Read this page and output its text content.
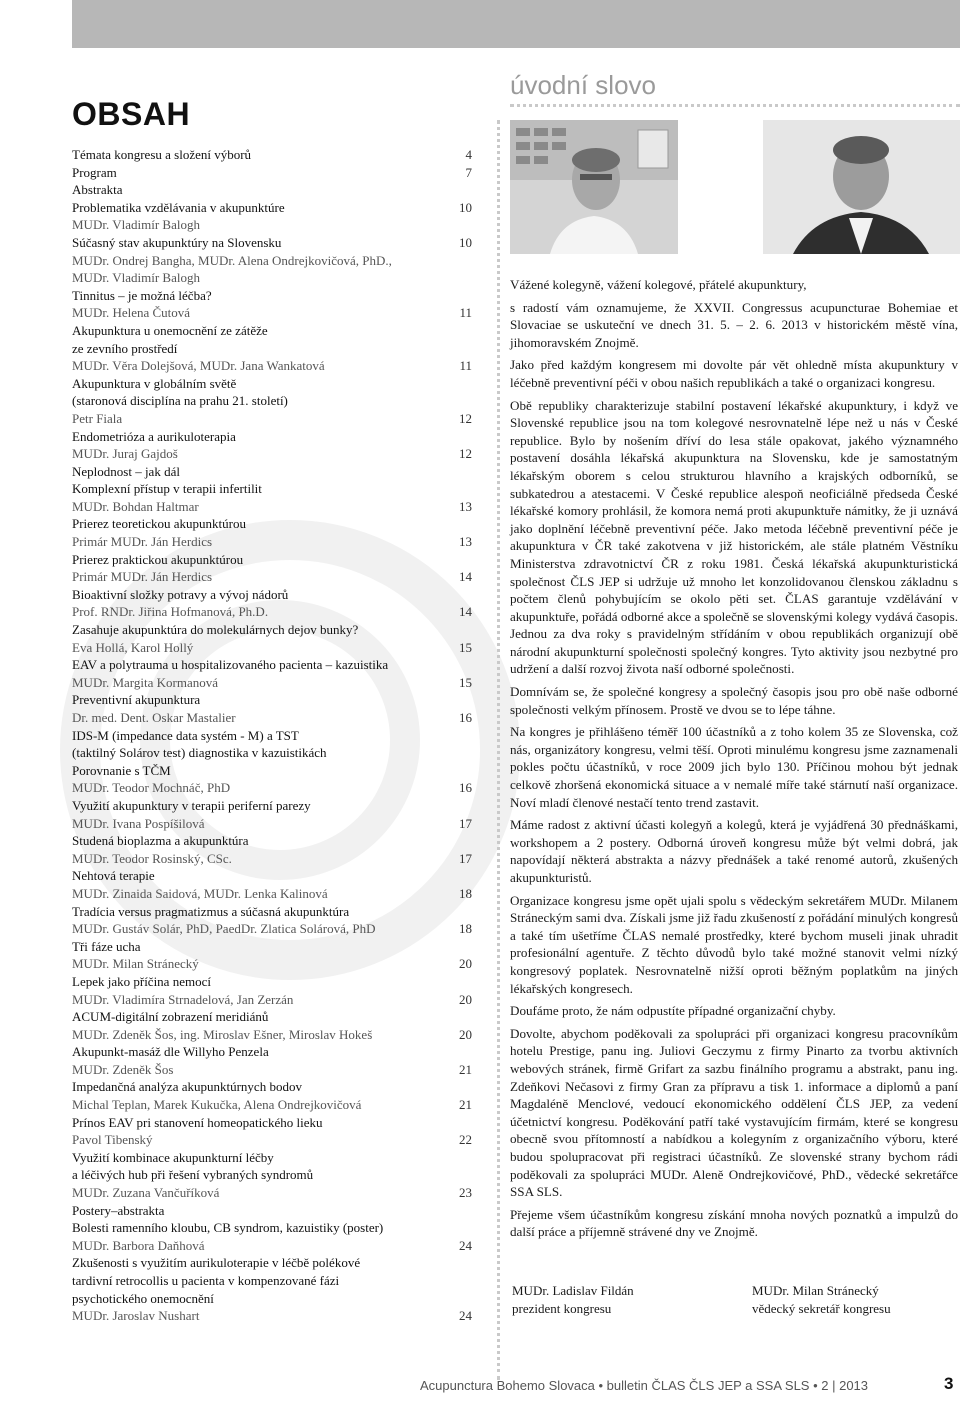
OBSAH
Témata kongresu a složení výborů	4
Program	7
Abstrakta
Problematika vzdělávania v akupunktúre	10
MUDr. Vladimír Balogh
Súčasný stav akupunktúry na Slovensku	10
MUDr. Ondrej Bangha, MUDr. Alena Ondrejkovičová, PhD.,
MUDr. Vladimír Balogh
Tinnitus – je možná léčba?
MUDr. Helena Čutová	11
Akupunktura u onemocnění ze zátěže
ze zevního prostředí
MUDr. Věra Dolejšová, MUDr. Jana Wankatová	11
Akupunktura v globálním světě
(staronová disciplína na prahu 21. století)
Petr Fiala	12
Endometrióza a aurikuloterapia
MUDr. Juraj Gajdoš	12
Neplodnost – jak dál
Komplexní přístup v terapii infertilit
MUDr. Bohdan Haltmar	13
Prierez teoretickou akupunktúrou
Primár MUDr. Ján Herdics	13
Prierez praktickou akupunktúrou
Primár MUDr. Ján Herdics	14
Bioaktivní složky potravy a vývoj nádorů
Prof. RNDr. Jiřina Hofmanová, Ph.D.	14
Zasahuje akupunktúra do molekulárnych dejov bunky?
Eva Hollá, Karol Hollý	15
EAV a polytrauma u hospitalizovaného pacienta – kazuistika
MUDr. Margita Kormanová	15
Preventivní akupunktura
Dr. med. Dent. Oskar Mastalier	16
IDS-M (impedance data systém - M) a TST
(taktilný Solárov test) diagnostika v kazuistikách
Porovnanie s TČM
MUDr. Teodor Mochnáč, PhD	16
Využití akupunktury v terapii periferní parezy
MUDr. Ivana Pospíšilová	17
Studená bioplazma a akupunktúra
MUDr. Teodor Rosinský, CSc.	17
Nehtová terapie
MUDr. Zinaida Saidová, MUDr. Lenka Kalinová	18
Tradícia versus pragmatizmus a súčasná akupunktúra
MUDr. Gustáv Solár, PhD, PaedDr. Zlatica Solárová, PhD	18
Tři fáze ucha
MUDr. Milan Stránecký	20
Lepek jako příčina nemocí
MUDr. Vladimíra Strnadelová, Jan Zerzán	20
ACUM-digitální zobrazení meridiánů
MUDr. Zdeněk Šos, ing. Miroslav Ešner, Miroslav Hokeš	20
Akupunkt-masáž dle Willyho Penzela
MUDr. Zdeněk Šos	21
Impedančná analýza akupunktúrnych bodov
Michal Teplan, Marek Kukučka, Alena Ondrejkovičová	21
Prínos EAV pri stanovení homeopatického lieku
Pavol Tibenský	22
Využití kombinace akupunkturní léčby
a léčivých hub při řešení vybraných syndromů
MUDr. Zuzana Vančuříková	23
Postery–abstrakta
Bolesti ramenního kloubu, CB syndrom, kazuistiky (poster)
MUDr. Barbora Daňhová	24
Zkušenosti s využitím aurikuloterapie v léčbě polékové
tardivní retrocollis u pacienta v kompenzované fázi
psychotického onemocnění
MUDr. Jaroslav Nushart	24
úvodní slovo

Vážené kolegyně, vážení kolegové, přátelé akupunktury,

s radostí vám oznamujeme, že XXVII. Congressus acupuncturae Bohemiae et Slovaciae se uskuteční ve dnech 31. 5. – 2. 6. 2013 v historickém městě vína, jihomoravském Znojmě.

Jako před každým kongresem mi dovolte pár vět ohledně místa akupunktury v léčebně preventivní péči v obou našich republikách a také o organizaci kongresu.

Obě republiky charakterizuje stabilní postavení lékařské akupunktury, i když ve Slovenské republice jsou na tom kolegové nesrovnatelně lépe než u nás v České republice. Bylo by nošením dříví do lesa stále opakovat, jakého významného postavení dosáhla lékařská akupunktura na Slovensku, kde je samostatným lékařským oborem s celou strukturou hlavního a krajských odborníků, se subkatedrou a atestacemi. V České republice alespoň neoficiálně předseda České lékařské komory prohlásil, že komora nemá proti akupunktuře námitky, že ji uznává jako doplnění léčebně preventivní péče. Jako metoda léčebně preventivní péče je akupunktura v ČR také zakotvena v již historickém, ale stále platném Věstníku Ministerstva zdravotnictví ČR z roku 1981. Česká lékařská akupunkturistická společnost ČLS JEP si udržuje už mnoho let konzolidovanou členskou základnu s počtem členů pohybujícím se okolo pěti set. ČLAS garantuje vzdělávání v akupunktuře, pořádá odborné akce a společně se slovenskými kolegy vydává časopis. Jednou za dva roky s pravidelným střídáním v obou republikách organizují obě národní akupunkturní společnosti společný kongres. Tyto aktivity jsou nezbytné pro udržení a další rozvoj života naší odborné společnosti.

Domnívám se, že společné kongresy a společný časopis jsou pro obě naše odborné společnosti velkým přínosem. Prostě ve dvou se to lépe táhne.

Na kongres je přihlášeno téměř 100 účastníků a z toho kolem 35 ze Slovenska, což nás, organizátory kongresu, velmi těší. Oproti minulému kongresu jsme zaznamenali pokles počtu účastníků, v roce 2009 jich bylo 130. Příčinou mohou být jednak celkově zhoršená ekonomická situace a v nemalé míře také stárnutí naší organizace. Noví mladí členové nestačí tento trend zastavit.

Máme radost z aktivní účasti kolegyň a kolegů, která je vyjádřená 30 přednáškami, workshopem a 2 postery. Odborná úroveň kongresu může být velmi dobrá, jak napovídají některá abstrakta a názvy přednášek a také renomé autorů, zkušených akupunkturistů.

Organizace kongresu jsme opět ujali spolu s vědeckým sekretářem MUDr. Milanem Stráneckým sami dva. Získali jsme již řadu zkušeností z pořádání minulých kongresů a také tím ušetříme ČLAS nemalé prostředky, které bychom museli jinak uhradit profesionální agentuře. Z těchto důvodů bylo také možné stanovit velmi nízký kongresový poplatek. Nesrovnatelně nižší oproti běžným poplatkům na jiných lékařských kongresech.

Doufáme proto, že nám odpustíte případné organizační chyby.

Dovolte, abychom poděkovali za spolupráci při organizaci kongresu pracovníkům hotelu Prestige, panu ing. Juliovi Geczymu z firmy Pinarto za tvorbu aktivních webových stránek, firmě Grifart za sazbu finálního programu a abstrakt, panu ing. Zdeňkovi Nečasovi z firmy Gran za přípravu a tisk 1. informace a diplomů a paní Magdaléně Menclové, vedoucí ekonomického oddělení ČLS JEP, za vedení účetnictví kongresu. Poděkování patří také vystavujícím firmám, které se kongresu obecně svou přítomností a nabídkou a kolegyním z organizačního výboru, které budou spolupracovat při registraci účastníků. Ze slovenské strany bychom rádi poděkovali za spolupráci MUDr. Aleně Ondrejkovičové, PhD., vědecké sekretářce SSA SLS.

Přejeme všem účastníkům kongresu získání mnoha nových poznatků a impulzů do další práce a příjemně strávené dny ve Znojmě.

MUDr. Ladislav Fildán
prezident kongresu
MUDr. Milan Stránecký
vědecký sekretář kongresu
Acupunctura Bohemo Slovaca • bulletin ČLAS ČLS JEP a SSA SLS • 2 | 2013	3
